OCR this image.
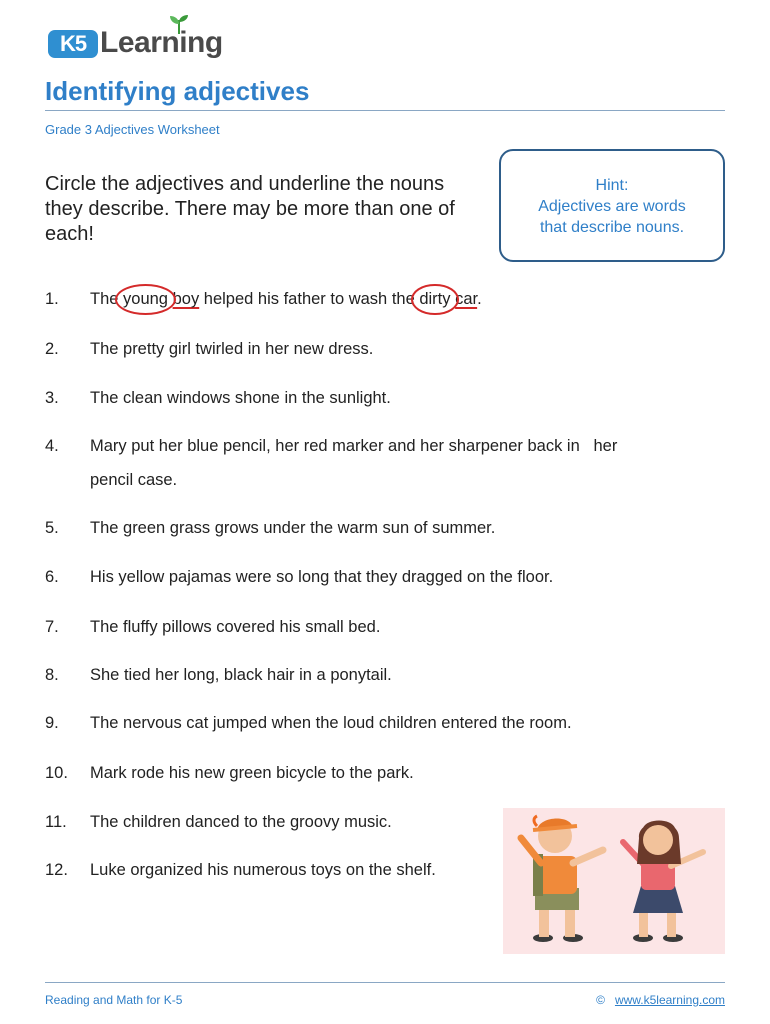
K5 Learning
Identifying adjectives
Grade 3 Adjectives Worksheet

Circle the adjectives and underline the nouns they describe. There may be more than one of each!

Hint:
Adjectives are words
that describe nouns.
1. The young boy helped his father to wash the dirty car.
2. The pretty girl twirled in her new dress.
3. The clean windows shone in the sunlight.
4. Mary put her blue pencil, her red marker and her sharpener back in   her
pencil case.
5. The green grass grows under the warm sun of summer.
6. His yellow pajamas were so long that they dragged on the floor.
7. The fluffy pillows covered his small bed.
8. She tied her long, black hair in a ponytail.
9. The nervous cat jumped when the loud children entered the room.
10. Mark rode his new green bicycle to the park.
11. The children danced to the groovy music.
12. Luke organized his numerous toys on the shelf.
Reading and Math for K-5	© www.k5learning.com
